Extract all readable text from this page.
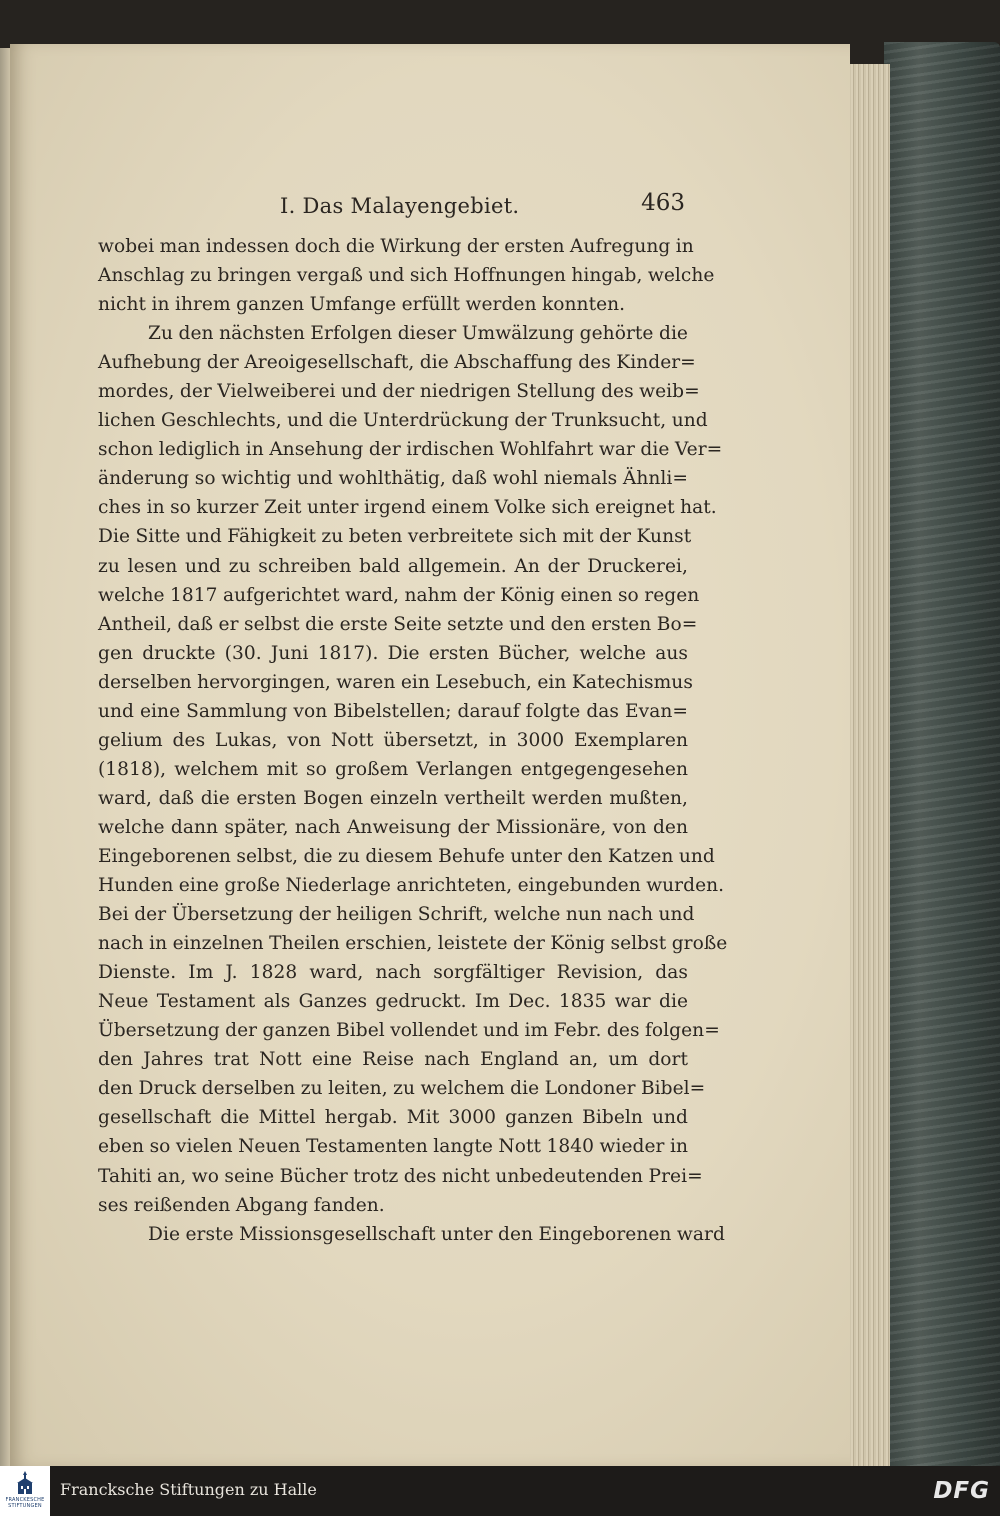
I. Das Malayengebiet.	463
wobei man indessen doch die Wirkung der ersten Aufregung in
Anschlag zu bringen vergaß und sich Hoffnungen hingab, welche
nicht in ihrem ganzen Umfange erfüllt werden konnten.
Zu den nächsten Erfolgen dieser Umwälzung gehörte die
Aufhebung der Areoigesellschaft, die Abschaffung des Kinder=
mordes, der Vielweiberei und der niedrigen Stellung des weib=
lichen Geschlechts, und die Unterdrückung der Trunksucht, und
schon lediglich in Ansehung der irdischen Wohlfahrt war die Ver=
änderung so wichtig und wohlthätig, daß wohl niemals Ähnli=
ches in so kurzer Zeit unter irgend einem Volke sich ereignet hat.
Die Sitte und Fähigkeit zu beten verbreitete sich mit der Kunst
zu lesen und zu schreiben bald allgemein. An der Druckerei,
welche 1817 aufgerichtet ward, nahm der König einen so regen
Antheil, daß er selbst die erste Seite setzte und den ersten Bo=
gen druckte (30. Juni 1817). Die ersten Bücher, welche aus
derselben hervorgingen, waren ein Lesebuch, ein Katechismus
und eine Sammlung von Bibelstellen; darauf folgte das Evan=
gelium des Lukas, von Nott übersetzt, in 3000 Exemplaren
(1818), welchem mit so großem Verlangen entgegengesehen
ward, daß die ersten Bogen einzeln vertheilt werden mußten,
welche dann später, nach Anweisung der Missionäre, von den
Eingeborenen selbst, die zu diesem Behufe unter den Katzen und
Hunden eine große Niederlage anrichteten, eingebunden wurden.
Bei der Übersetzung der heiligen Schrift, welche nun nach und
nach in einzelnen Theilen erschien, leistete der König selbst große
Dienste. Im J. 1828 ward, nach sorgfältiger Revision, das
Neue Testament als Ganzes gedruckt. Im Dec. 1835 war die
Übersetzung der ganzen Bibel vollendet und im Febr. des folgen=
den Jahres trat Nott eine Reise nach England an, um dort
den Druck derselben zu leiten, zu welchem die Londoner Bibel=
gesellschaft die Mittel hergab. Mit 3000 ganzen Bibeln und
eben so vielen Neuen Testamenten langte Nott 1840 wieder in
Tahiti an, wo seine Bücher trotz des nicht unbedeutenden Prei=
ses reißenden Abgang fanden.
Die erste Missionsgesellschaft unter den Eingeborenen ward
FRANCKESCHE
STIFTUNGEN
Francksche Stiftungen zu Halle	DFG
